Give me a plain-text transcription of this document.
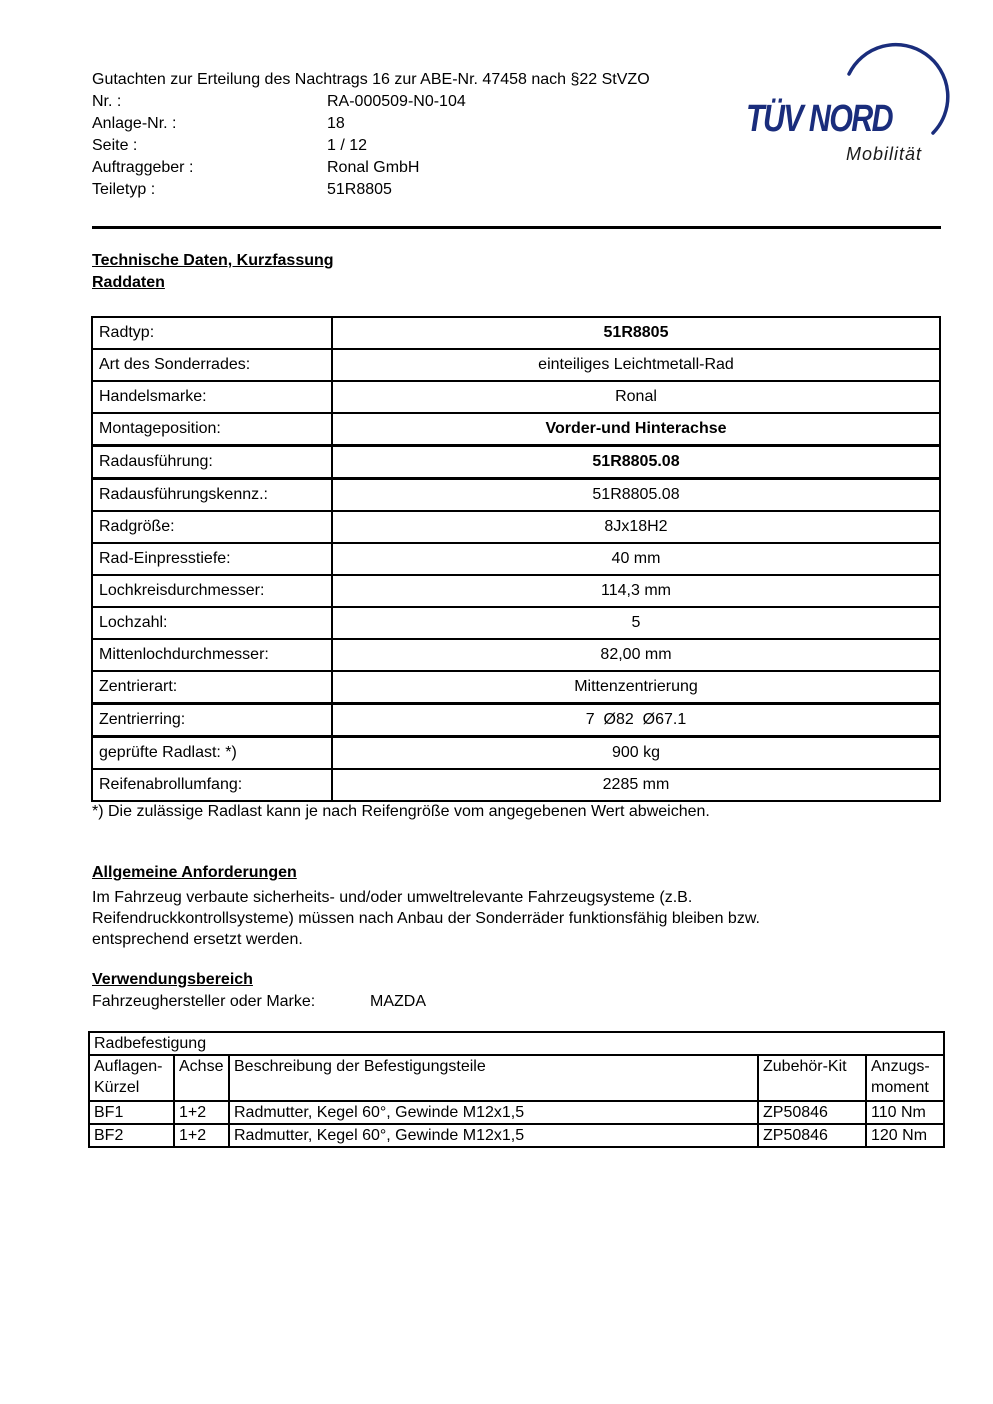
Gutachten zur Erteilung des Nachtrags 16 zur ABE-Nr. 47458 nach §22 StVZO
Nr. :	RA-000509-N0-104
Anlage-Nr. :	18
Seite :	1 / 12
Auftraggeber :	Ronal GmbH
Teiletyp :	51R8805
TÜV NORD
Mobilität
Technische Daten, Kurzfassung
Raddaten
Radtyp:	51R8805
Art des Sonderrades:	einteiliges Leichtmetall-Rad
Handelsmarke:	Ronal
Montageposition:	Vorder-und Hinterachse
Radausführung:	51R8805.08
Radausführungskennz.:	51R8805.08
Radgröße:	8Jx18H2
Rad-Einpresstiefe:	40 mm
Lochkreisdurchmesser:	114,3 mm
Lochzahl:	5
Mittenlochdurchmesser:	82,00 mm
Zentrierart:	Mittenzentrierung
Zentrierring:	7  Ø82  Ø67.1
geprüfte Radlast: *)	900 kg
Reifenabrollumfang:	2285 mm
*) Die zulässige Radlast kann je nach Reifengröße vom angegebenen Wert abweichen.
Allgemeine Anforderungen
Im Fahrzeug verbaute sicherheits- und/oder umweltrelevante Fahrzeugsysteme (z.B.
Reifendruckkontrollsysteme) müssen nach Anbau der Sonderräder funktionsfähig bleiben bzw.
entsprechend ersetzt werden.
Verwendungsbereich
Fahrzeughersteller oder Marke:	MAZDA
Radbefestigung				
Auflagen-Kürzel	Achse	Beschreibung der Befestigungsteile	Zubehör-Kit	Anzugs-moment
BF1	1+2	Radmutter, Kegel 60°, Gewinde M12x1,5	ZP50846	110 Nm
BF2	1+2	Radmutter, Kegel 60°, Gewinde M12x1,5	ZP50846	120 Nm
